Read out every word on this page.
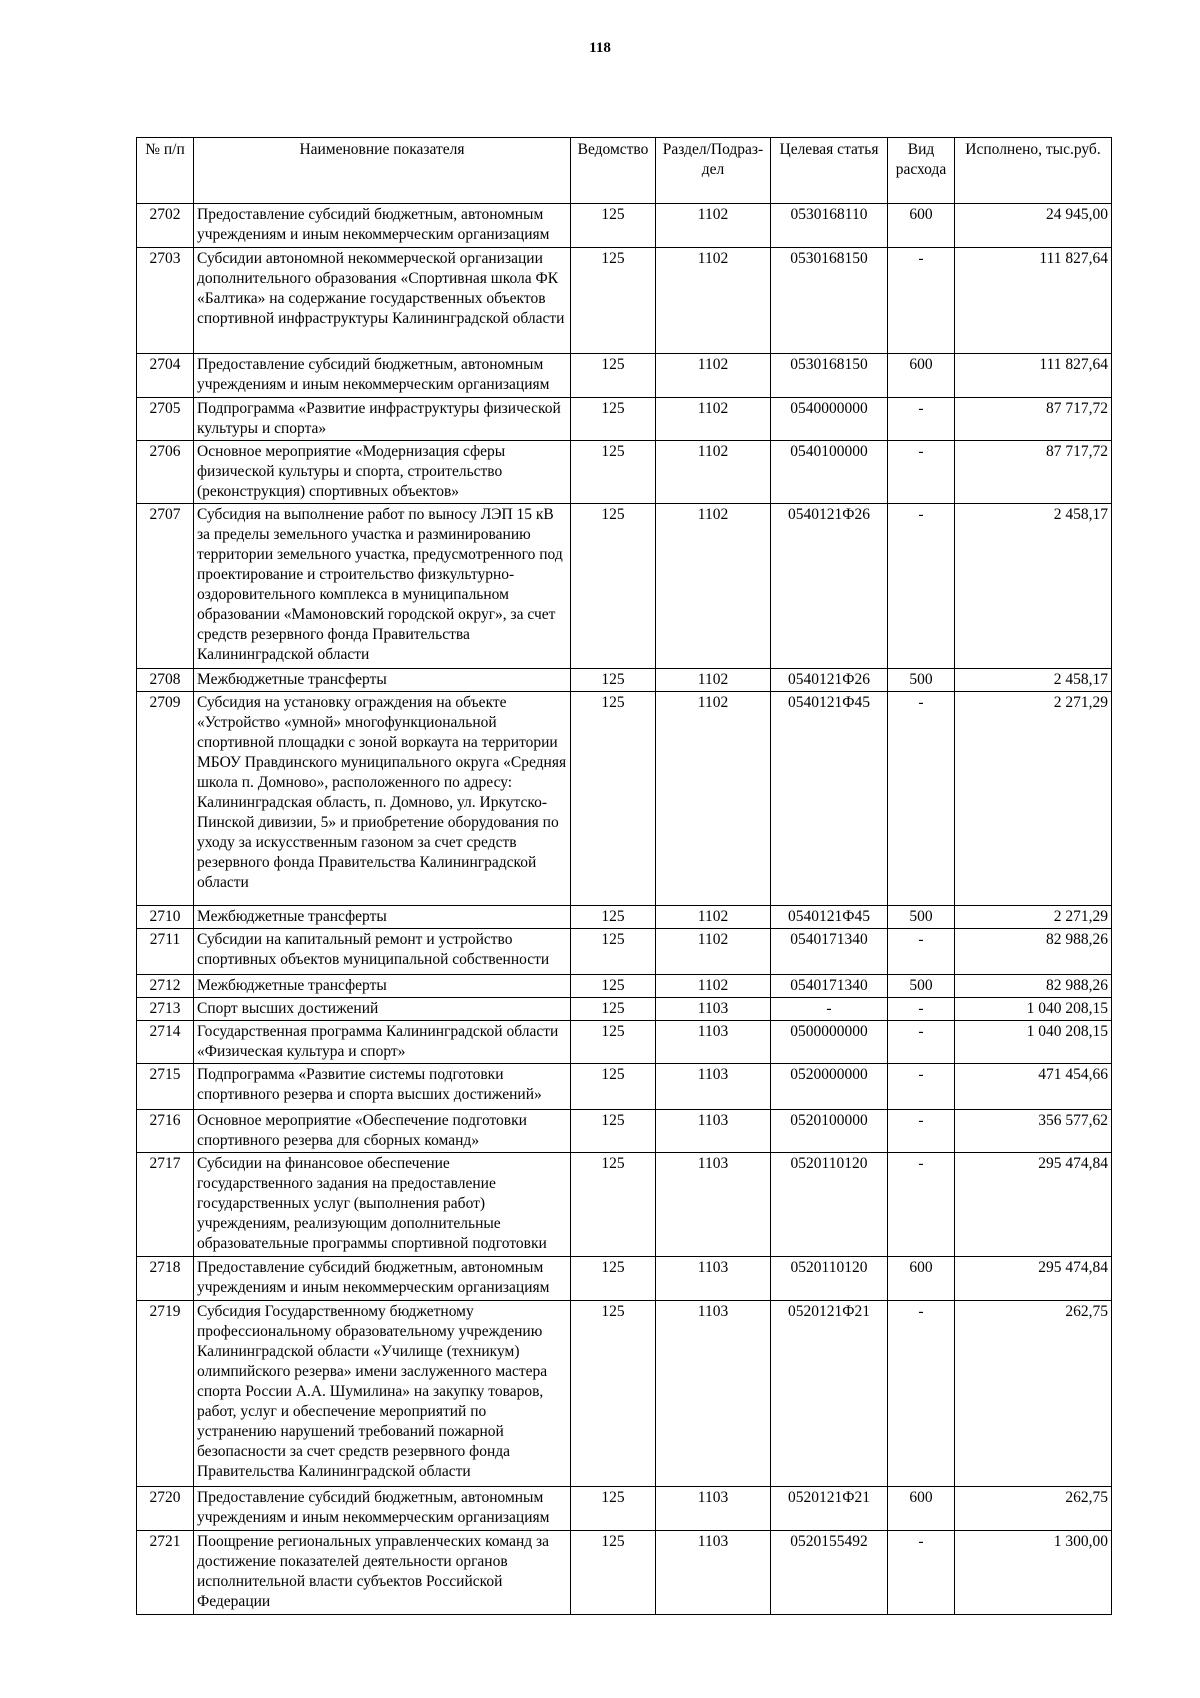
118
№ п/п	Наименовние показателя	Ведомство	Раздел/Подраз-дел	Целевая статья	Вид расхода	Исполнено, тыс.руб.
2702	Предоставление субсидий бюджетным, автономным учреждениям и иным некоммерческим организациям	125	1102	0530168110	600	24 945,00
2703	Субсидии автономной некоммерческой организации дополнительного образования «Спортивная школа ФК «Балтика» на содержание государственных объектов спортивной инфраструктуры Калининградской области	125	1102	0530168150	-	111 827,64
2704	Предоставление субсидий бюджетным, автономным учреждениям и иным некоммерческим организациям	125	1102	0530168150	600	111 827,64
2705	Подпрограмма «Развитие инфраструктуры физической культуры и спорта»	125	1102	0540000000	-	87 717,72
2706	Основное мероприятие «Модернизация сферы физической культуры и спорта, строительство (реконструкция) спортивных объектов»	125	1102	0540100000	-	87 717,72
2707	Субсидия на выполнение работ по выносу ЛЭП 15 кВ за пределы земельного участка и разминированию территории земельного участка, предусмотренного под проектирование и строительство физкультурно-оздоровительного комплекса в муниципальном образовании «Мамоновский городской округ», за счет средств резервного фонда Правительства Калининградской области	125	1102	0540121Ф26	-	2 458,17
2708	Межбюджетные трансферты	125	1102	0540121Ф26	500	2 458,17
2709	Субсидия на установку ограждения на объекте «Устройство «умной» многофункциональной спортивной площадки с зоной воркаута на территории МБОУ Правдинского муниципального округа «Средняя школа п. Домново», расположенного по адресу: Калининградская область, п. Домново, ул. Иркутско-Пинской дивизии, 5» и приобретение оборудования по уходу за искусственным газоном за счет средств резервного фонда Правительства Калининградской области	125	1102	0540121Ф45	-	2 271,29
2710	Межбюджетные трансферты	125	1102	0540121Ф45	500	2 271,29
2711	Субсидии на капитальный ремонт и устройство спортивных объектов муниципальной собственности	125	1102	0540171340	-	82 988,26
2712	Межбюджетные трансферты	125	1102	0540171340	500	82 988,26
2713	Спорт высших достижений	125	1103	-	-	1 040 208,15
2714	Государственная программа Калининградской области «Физическая культура и спорт»	125	1103	0500000000	-	1 040 208,15
2715	Подпрограмма «Развитие системы подготовки спортивного резерва и спорта высших достижений»	125	1103	0520000000	-	471 454,66
2716	Основное мероприятие «Обеспечение подготовки спортивного резерва для сборных команд»	125	1103	0520100000	-	356 577,62
2717	Субсидии на финансовое обеспечение государственного задания на предоставление государственных услуг (выполнения работ) учреждениям, реализующим дополнительные образовательные программы спортивной подготовки	125	1103	0520110120	-	295 474,84
2718	Предоставление субсидий бюджетным, автономным учреждениям и иным некоммерческим организациям	125	1103	0520110120	600	295 474,84
2719	Субсидия Государственному бюджетному профессиональному образовательному учреждению Калининградской области «Училище (техникум) олимпийского резерва» имени заслуженного мастера спорта России А.А. Шумилина» на закупку товаров, работ, услуг и обеспечение мероприятий по устранению нарушений требований пожарной безопасности за счет средств резервного фонда Правительства Калининградской области	125	1103	0520121Ф21	-	262,75
2720	Предоставление субсидий бюджетным, автономным учреждениям и иным некоммерческим организациям	125	1103	0520121Ф21	600	262,75
2721	Поощрение региональных управленческих команд за достижение показателей деятельности органов исполнительной власти субъектов Российской Федерации	125	1103	0520155492	-	1 300,00
